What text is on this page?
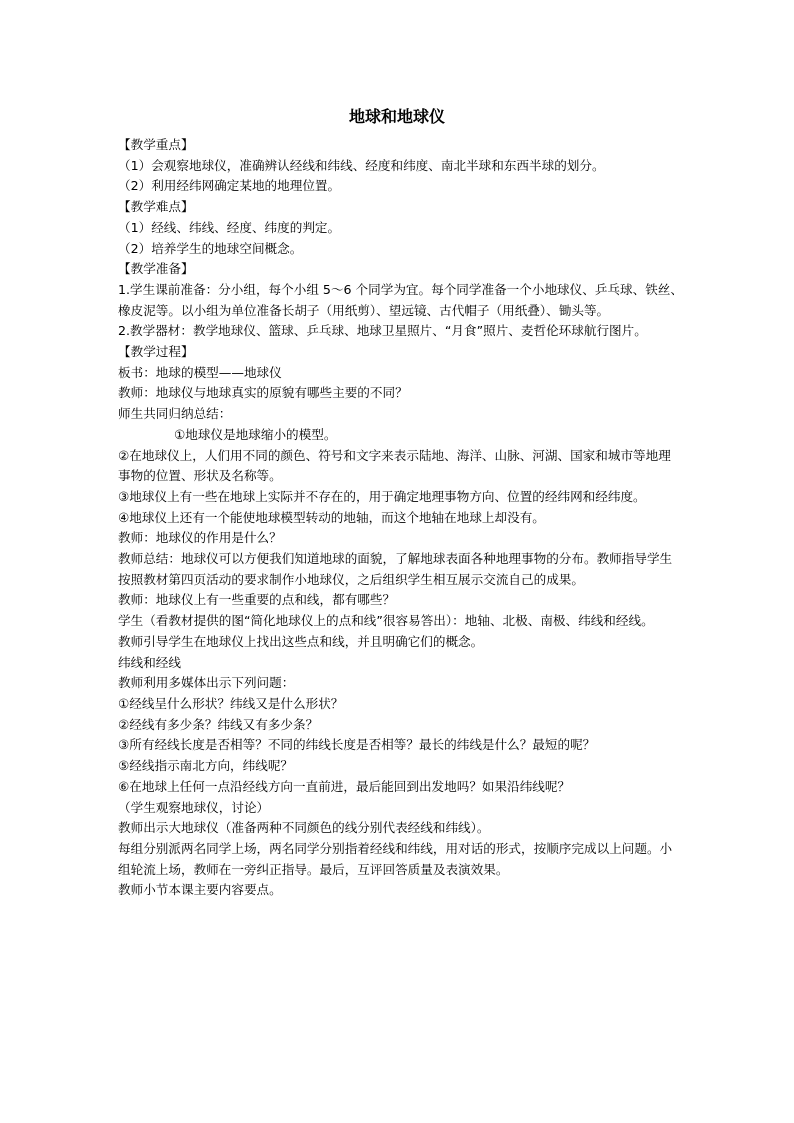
地球和地球仪

【教学重点】

（1）会观察地球仪，准确辨认经线和纬线、经度和纬度、南北半球和东西半球的划分。

（2）利用经纬网确定某地的地理位置。

【教学难点】

（1）经线、纬线、经度、纬度的判定。

（2）培养学生的地球空间概念。

【教学准备】

1.学生课前准备：分小组，每个小组 5～6 个同学为宜。每个同学准备一个小地球仪、乒乓球、铁丝、橡皮泥等。以小组为单位准备长胡子（用纸剪）、望远镜、古代帽子（用纸叠）、锄头等。

2.教学器材：教学地球仪、篮球、乒乓球、地球卫星照片、“月食”照片、麦哲伦环球航行图片。

【教学过程】

板书：地球的模型——地球仪

教师：地球仪与地球真实的原貌有哪些主要的不同？

师生共同归纳总结：

①地球仪是地球缩小的模型。

②在地球仪上，人们用不同的颜色、符号和文字来表示陆地、海洋、山脉、河湖、国家和城市等地理事物的位置、形状及名称等。

③地球仪上有一些在地球上实际并不存在的，用于确定地理事物方向、位置的经纬网和经纬度。

④地球仪上还有一个能使地球模型转动的地轴，而这个地轴在地球上却没有。

教师：地球仪的作用是什么？

教师总结：地球仪可以方便我们知道地球的面貌，了解地球表面各种地理事物的分布。教师指导学生按照教材第四页活动的要求制作小地球仪，之后组织学生相互展示交流自己的成果。

教师：地球仪上有一些重要的点和线，都有哪些？

学生（看教材提供的图“简化地球仪上的点和线”很容易答出）：地轴、北极、南极、纬线和经线。

教师引导学生在地球仪上找出这些点和线，并且明确它们的概念。

纬线和经线

教师利用多媒体出示下列问题：

①经线呈什么形状？纬线又是什么形状？

②经线有多少条？纬线又有多少条？

③所有经线长度是否相等？不同的纬线长度是否相等？最长的纬线是什么？最短的呢？

⑤经线指示南北方向，纬线呢？

⑥在地球上任何一点沿经线方向一直前进，最后能回到出发地吗？如果沿纬线呢？

（学生观察地球仪，讨论）

教师出示大地球仪（准备两种不同颜色的线分别代表经线和纬线）。

每组分别派两名同学上场，两名同学分别指着经线和纬线，用对话的形式，按顺序完成以上问题。小组轮流上场，教师在一旁纠正指导。最后，互评回答质量及表演效果。

教师小节本课主要内容要点。
